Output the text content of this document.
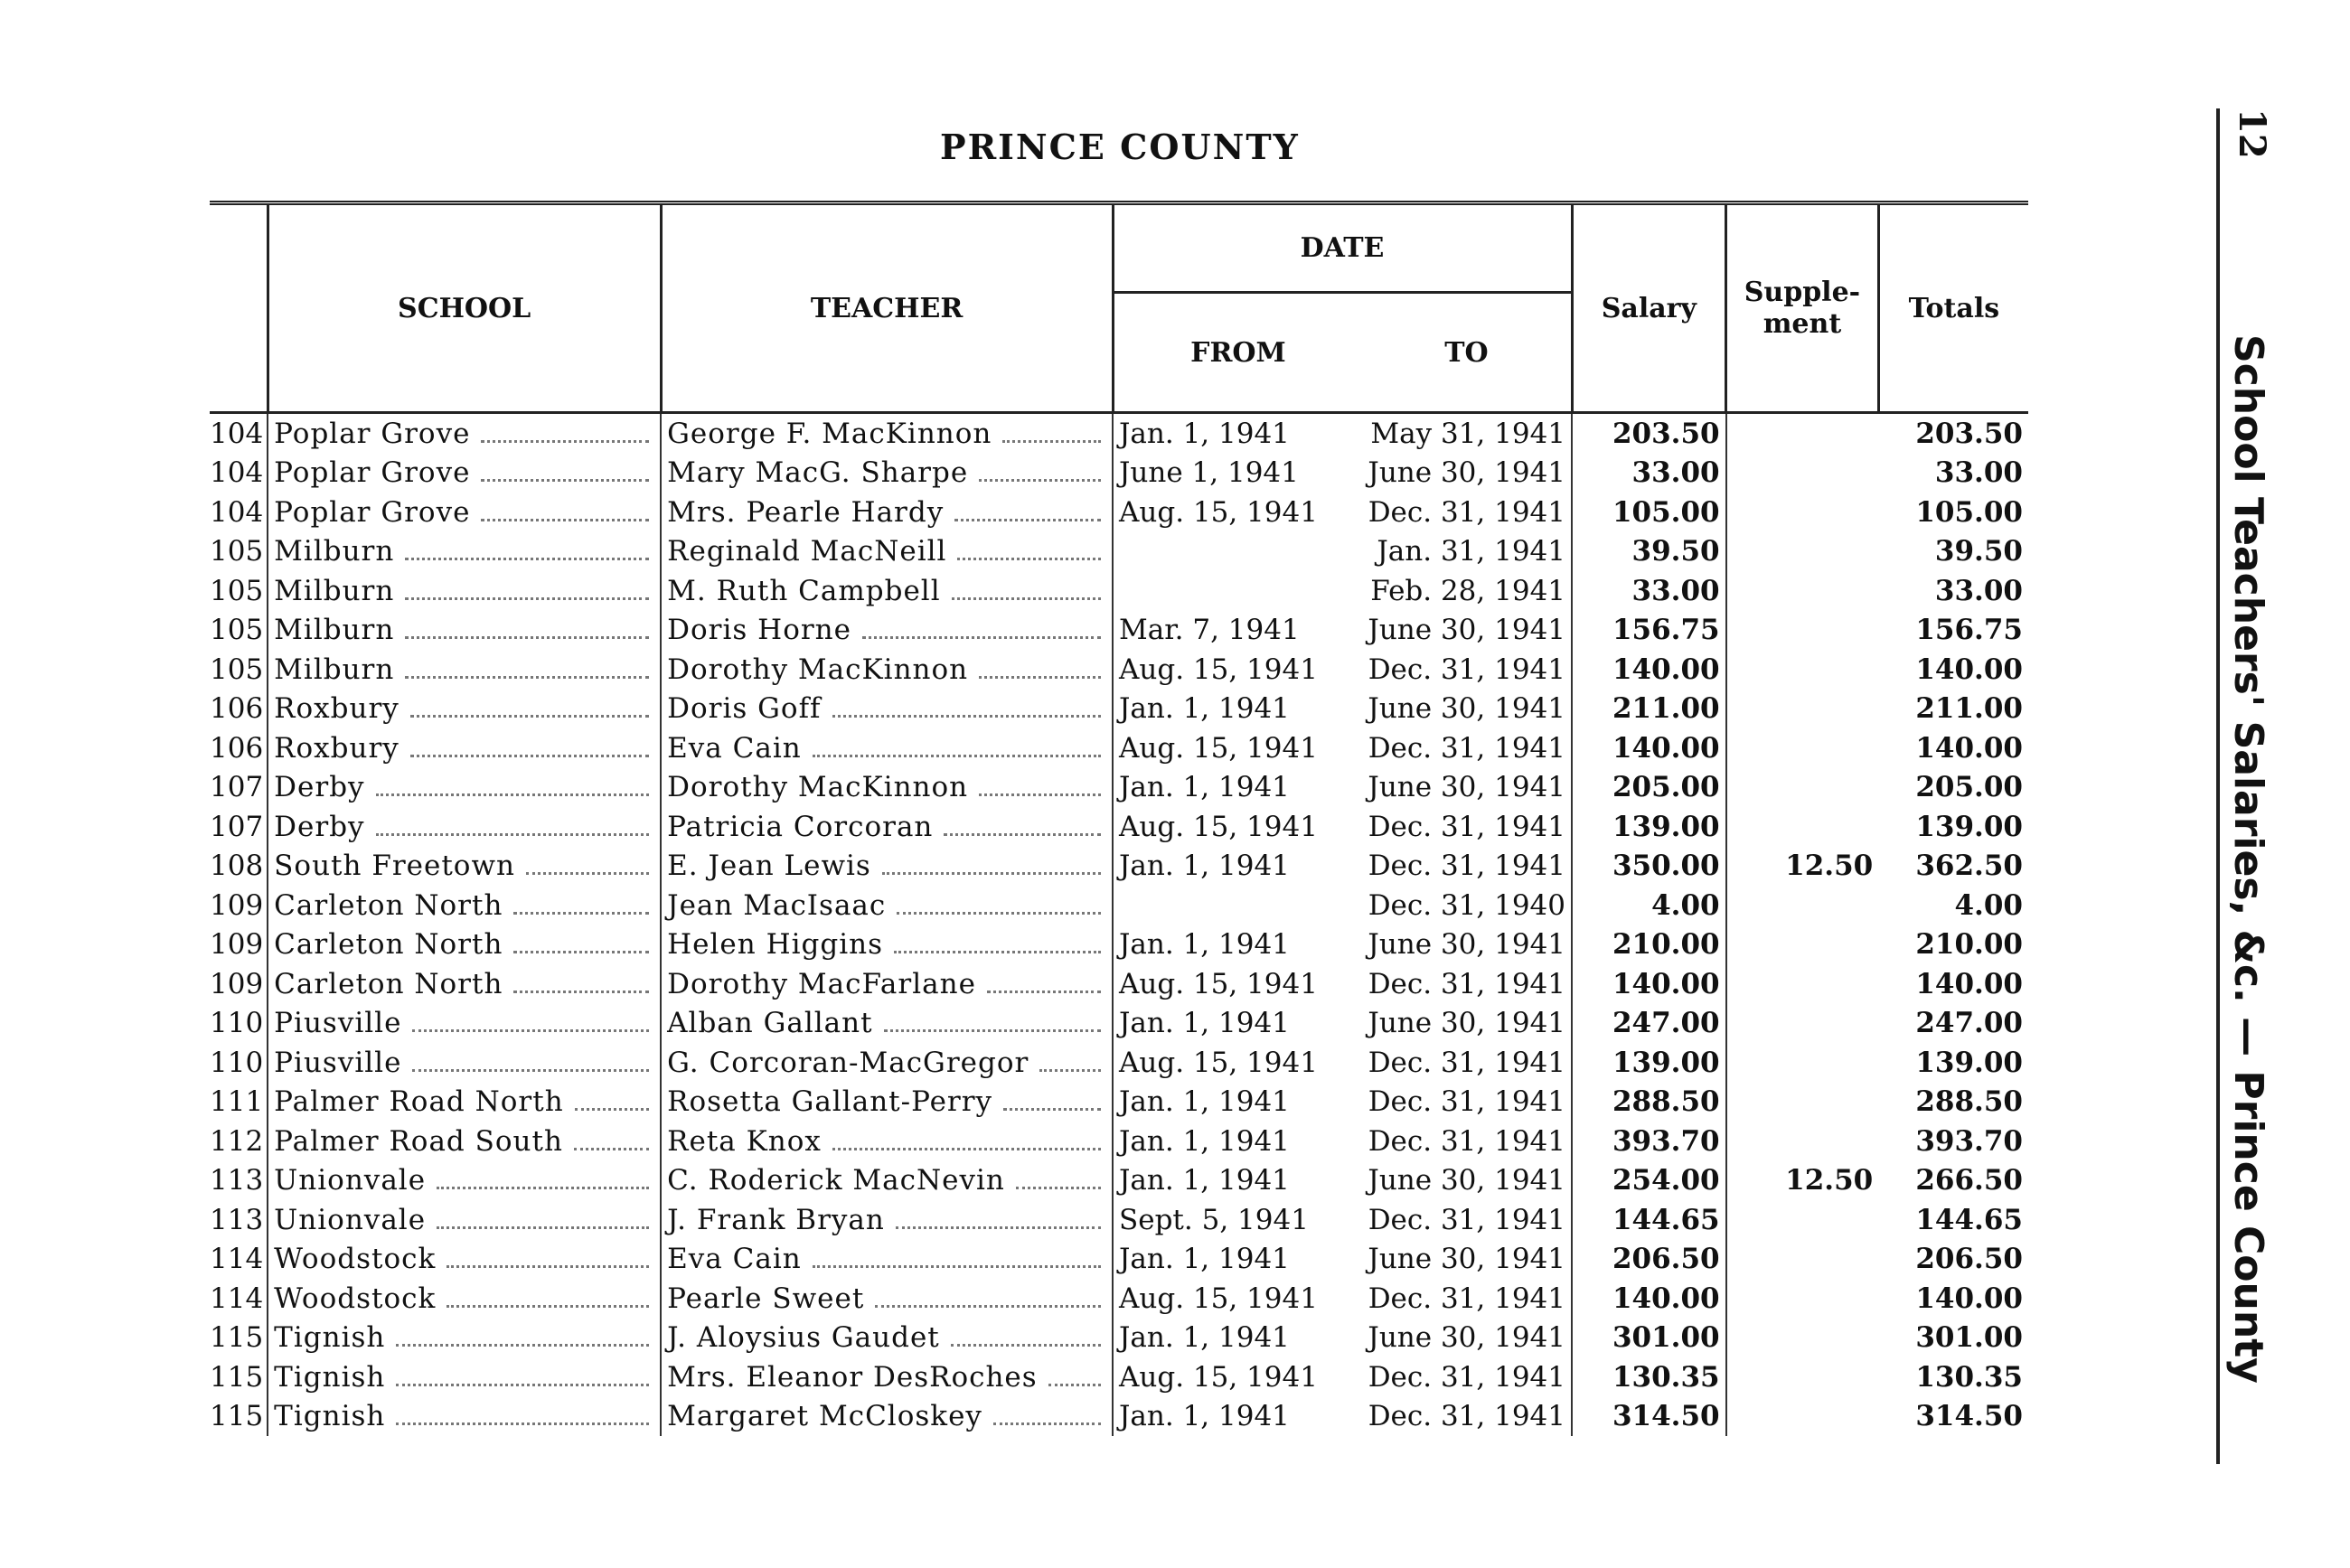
PRINCE COUNTY	12
School Teachers' Salaries, &c. — Prince County
	SCHOOL	TEACHER	DATE		Salary	Supple-ment	Totals
			FROM	TO			
104	Poplar Grove	George F. MacKinnon	Jan. 1, 1941	May 31, 1941	203.50		203.50
104	Poplar Grove	Mary MacG. Sharpe	June 1, 1941	June 30, 1941	33.00		33.00
104	Poplar Grove	Mrs. Pearle Hardy	Aug. 15, 1941	Dec. 31, 1941	105.00		105.00
105	Milburn	Reginald MacNeill		Jan. 31, 1941	39.50		39.50
105	Milburn	M. Ruth Campbell		Feb. 28, 1941	33.00		33.00
105	Milburn	Doris Horne	Mar. 7, 1941	June 30, 1941	156.75		156.75
105	Milburn	Dorothy MacKinnon	Aug. 15, 1941	Dec. 31, 1941	140.00		140.00
106	Roxbury	Doris Goff	Jan. 1, 1941	June 30, 1941	211.00		211.00
106	Roxbury	Eva Cain	Aug. 15, 1941	Dec. 31, 1941	140.00		140.00
107	Derby	Dorothy MacKinnon	Jan. 1, 1941	June 30, 1941	205.00		205.00
107	Derby	Patricia Corcoran	Aug. 15, 1941	Dec. 31, 1941	139.00		139.00
108	South Freetown	E. Jean Lewis	Jan. 1, 1941	Dec. 31, 1941	350.00	12.50	362.50
109	Carleton North	Jean MacIsaac		Dec. 31, 1940	4.00		4.00
109	Carleton North	Helen Higgins	Jan. 1, 1941	June 30, 1941	210.00		210.00
109	Carleton North	Dorothy MacFarlane	Aug. 15, 1941	Dec. 31, 1941	140.00		140.00
110	Piusville	Alban Gallant	Jan. 1, 1941	June 30, 1941	247.00		247.00
110	Piusville	G. Corcoran-MacGregor	Aug. 15, 1941	Dec. 31, 1941	139.00		139.00
111	Palmer Road North	Rosetta Gallant-Perry	Jan. 1, 1941	Dec. 31, 1941	288.50		288.50
112	Palmer Road South	Reta Knox	Jan. 1, 1941	Dec. 31, 1941	393.70		393.70
113	Unionvale	C. Roderick MacNevin	Jan. 1, 1941	June 30, 1941	254.00	12.50	266.50
113	Unionvale	J. Frank Bryan	Sept. 5, 1941	Dec. 31, 1941	144.65		144.65
114	Woodstock	Eva Cain	Jan. 1, 1941	June 30, 1941	206.50		206.50
114	Woodstock	Pearle Sweet	Aug. 15, 1941	Dec. 31, 1941	140.00		140.00
115	Tignish	J. Aloysius Gaudet	Jan. 1, 1941	June 30, 1941	301.00		301.00
115	Tignish	Mrs. Eleanor DesRoches	Aug. 15, 1941	Dec. 31, 1941	130.35		130.35
115	Tignish	Margaret McCloskey	Jan. 1, 1941	Dec. 31, 1941	314.50		314.50
